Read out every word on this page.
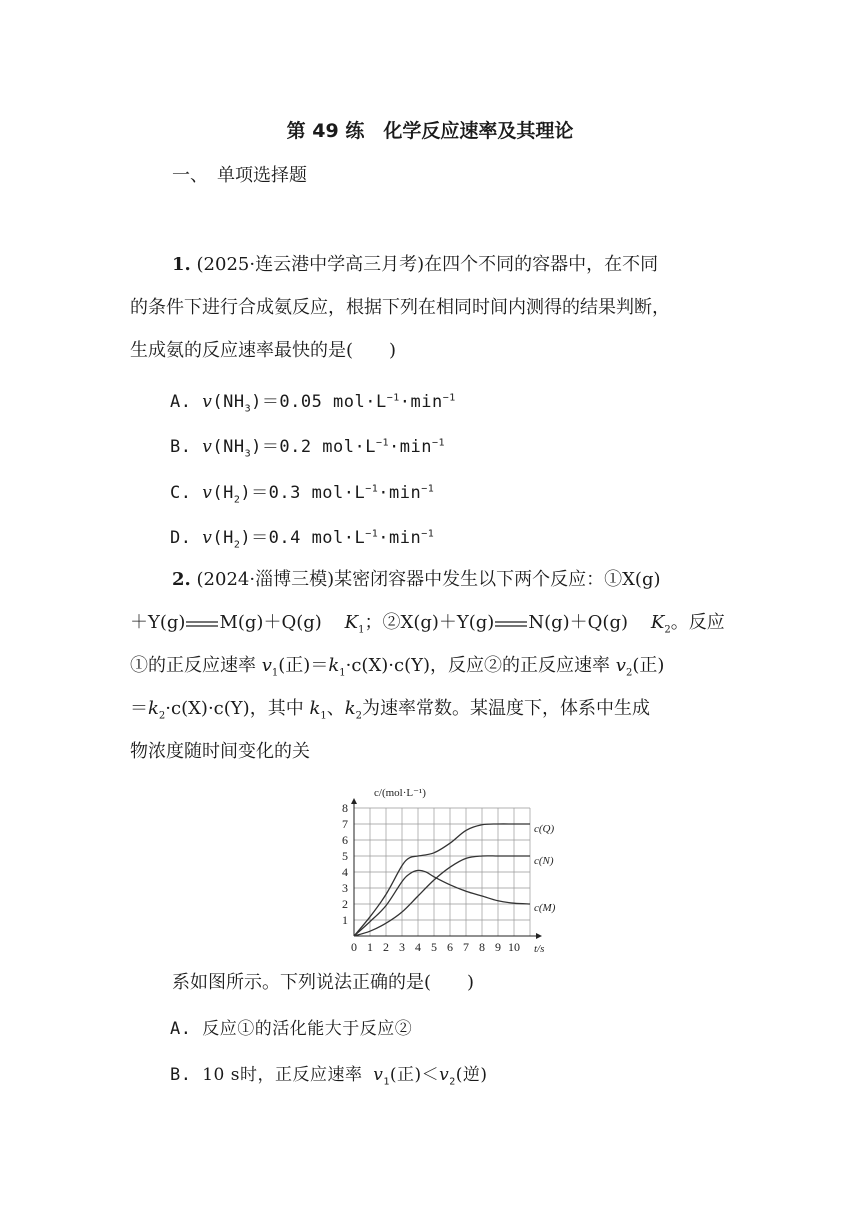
第 49 练　化学反应速率及其理论
一、　单项选择题
1. (2025·连云港中学高三月考)在四个不同的容器中，在不同
的条件下进行合成氨反应，根据下列在相同时间内测得的结果判断，
生成氨的反应速率最快的是(　　)
A. $v(NH_3)=0.05$ $mol\cdot L^{-1}\cdot\min^{-1}$
B. $v(NH_3)=0.2$ $mol\cdot L^{-1}\cdot\min^{-1}$
C. $v(H_2)=0.3$ $mol\cdot L^{-1}\cdot\min^{-1}$
D. $v(H_2)=0.4$ $mol\cdot L^{-1}\cdot\min^{-1}$
2. (2024·淄博三模)某密闭容器中发生以下两个反应：①X(g)
＋Y(g) M(g)＋Q(g) $K_1$；②X(g)＋Y(g) N(g)＋Q(g) $K_2$。反应
①的正反应速率 $v_1$(正)$=k_1\cdot c(X)\cdot c(Y)$，反应②的正反应速率 $v_2$(正)
$=k_2\cdot c(X)\cdot c(Y)$，其中 $k_1$、$k_2$为速率常数。某温度下，体系中生成
物浓度随时间变化的关
0 1 2 3 4 5 6 7 8 9 10
1
2
3
4
5
6
7
8
c/(mol·L⁻¹)
t/s
c(Q)
c(N)
c(M)
系如图所示。下列说法正确的是(　　)
A. 反应①的活化能大于反应②
B. 10 s时，正反应速率 $v_1$(正)$<v_2$(逆)
